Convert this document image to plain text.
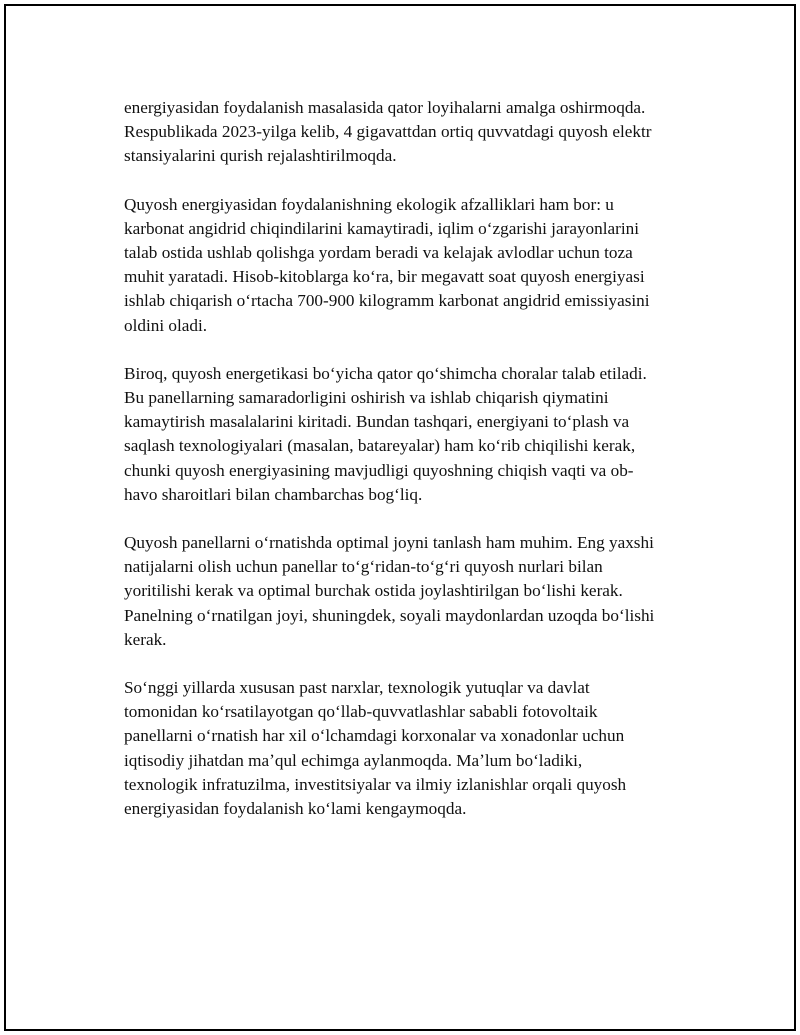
energiyasidan foydalanish masalasida qator loyihalarni amalga oshirmoqda.
Respublikada 2023-yilga kelib, 4 gigavattdan ortiq quvvatdagi quyosh elektr
stansiyalarini qurish rejalashtirilmoqda.

Quyosh energiyasidan foydalanishning ekologik afzalliklari ham bor: u
karbonat angidrid chiqindilarini kamaytiradi, iqlim oʻzgarishi jarayonlarini
talab ostida ushlab qolishga yordam beradi va kelajak avlodlar uchun toza
muhit yaratadi. Hisob-kitoblarga koʻra, bir megavatt soat quyosh energiyasi
ishlab chiqarish oʻrtacha 700-900 kilogramm karbonat angidrid emissiyasini
oldini oladi.

Biroq, quyosh energetikasi boʻyicha qator qoʻshimcha choralar talab etiladi.
Bu panellarning samaradorligini oshirish va ishlab chiqarish qiymatini
kamaytirish masalalarini kiritadi. Bundan tashqari, energiyani toʻplash va
saqlash texnologiyalari (masalan, batareyalar) ham koʻrib chiqilishi kerak,
chunki quyosh energiyasining mavjudligi quyoshning chiqish vaqti va ob-
havo sharoitlari bilan chambarchas bogʻliq.

Quyosh panellarni oʻrnatishda optimal joyni tanlash ham muhim. Eng yaxshi
natijalarni olish uchun panellar toʻgʻridan-toʻgʻri quyosh nurlari bilan
yoritilishi kerak va optimal burchak ostida joylashtirilgan boʻlishi kerak.
Panelning oʻrnatilgan joyi, shuningdek, soyali maydonlardan uzoqda boʻlishi
kerak.

Soʻnggi yillarda xususan past narxlar, texnologik yutuqlar va davlat
tomonidan koʻrsatilayotgan qoʻllab-quvvatlashlar sababli fotovoltaik
panellarni oʻrnatish har xil oʻlchamdagi korxonalar va xonadonlar uchun
iqtisodiy jihatdan maʼqul echimga aylanmoqda. Maʼlum boʻladiki,
texnologik infratuzilma, investitsiyalar va ilmiy izlanishlar orqali quyosh
energiyasidan foydalanish koʻlami kengaymoqda.
